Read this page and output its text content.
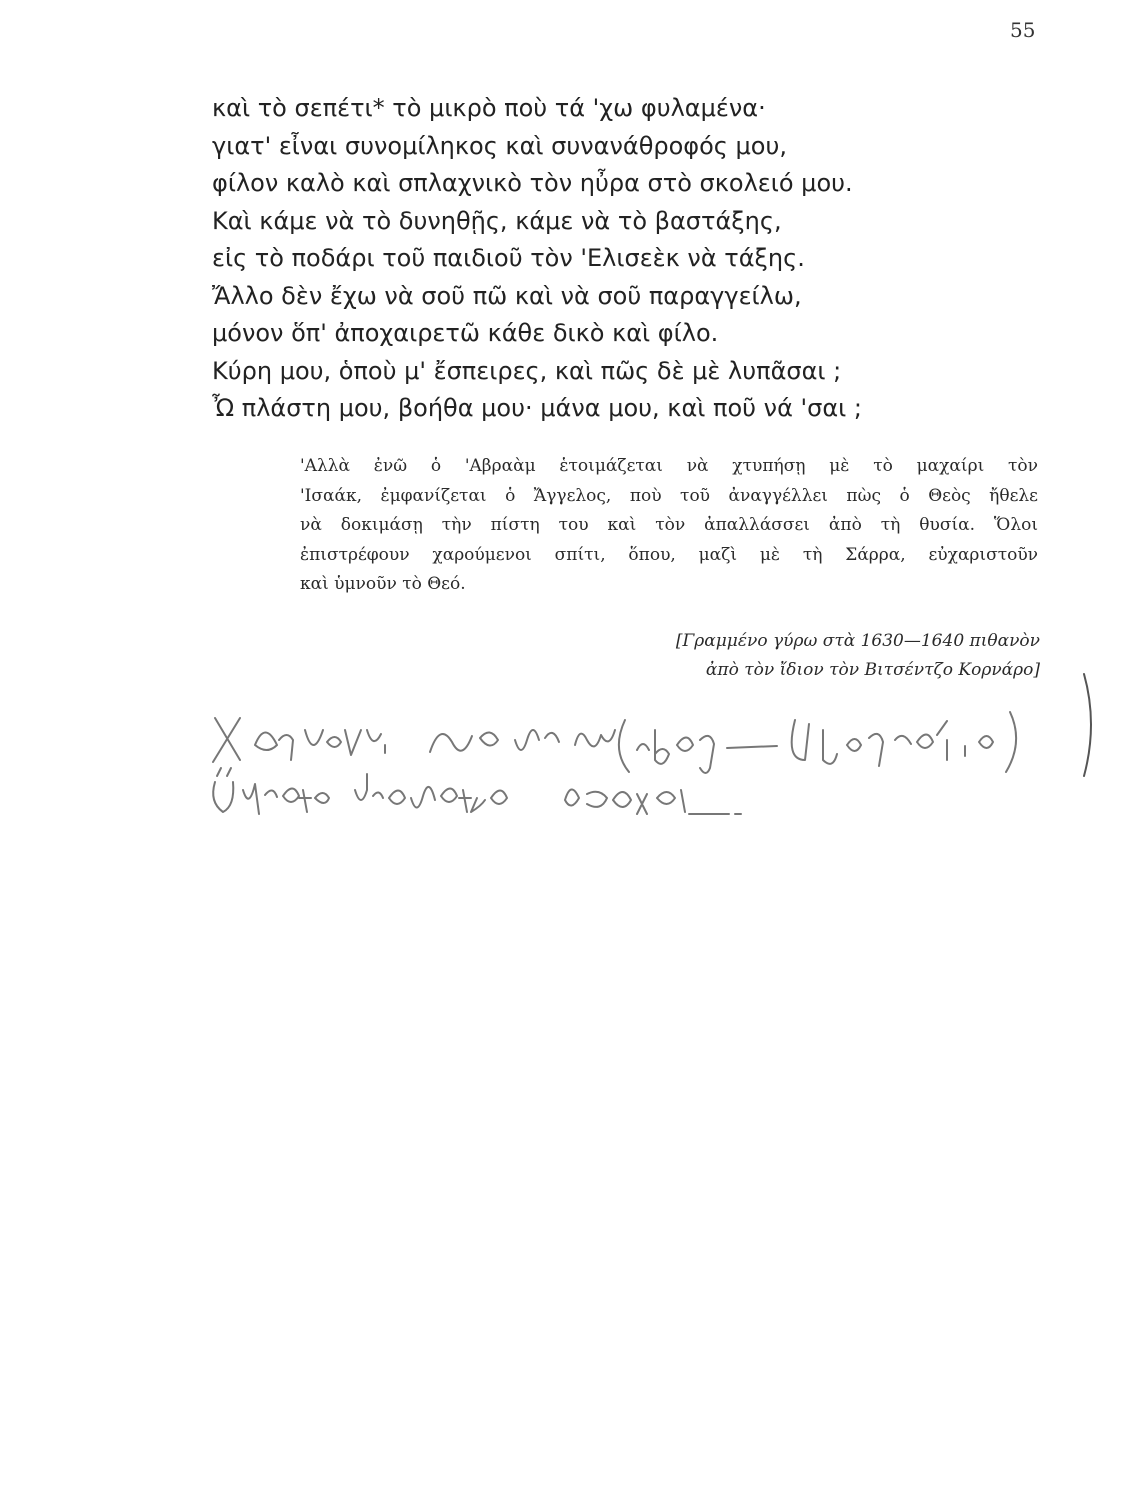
55
καὶ τὸ σεπέτι* τὸ μικρὸ ποὺ τά 'χω φυλαμένα·
γιατ' εἶναι συνομίληκος καὶ συνανάθροφός μου,
φίλον καλὸ καὶ σπλαχνικὸ τὸν ηὖρα στὸ σκολειό μου.
Καὶ κάμε νὰ τὸ δυνηθῇς, κάμε νὰ τὸ βαστάξης,
εἰς τὸ ποδάρι τοῦ παιδιοῦ τὸν 'Ελισεὲκ νὰ τάξης.
Ἄλλο δὲν ἔχω νὰ σοῦ πῶ καὶ νὰ σοῦ παραγγείλω,
μόνον ὅπ' ἀποχαιρετῶ κάθε δικὸ καὶ φίλο.
Κύρη μου, ὁποὺ μ' ἔσπειρες, καὶ πῶς δὲ μὲ λυπᾶσαι ;
Ὦ πλάστη μου, βοήθα μου· μάνα μου, καὶ ποῦ νά 'σαι ;
'Αλλὰ ἐνῶ ὁ 'Αβραὰμ ἑτοιμάζεται νὰ χτυπήσῃ μὲ τὸ μαχαίρι τὸν
'Ισαάκ, ἐμφανίζεται ὁ Ἄγγελος, ποὺ τοῦ ἀναγγέλλει πὼς ὁ Θεὸς ἤθελε
νὰ δοκιμάσῃ τὴν πίστη του καὶ τὸν ἀπαλλάσσει ἀπὸ τὴ θυσία. Ὅλοι
ἐπιστρέφουν χαρούμενοι σπίτι, ὅπου, μαζὶ μὲ τὴ Σάρρα, εὐχαριστοῦν
καὶ ὑμνοῦν τὸ Θεό.
[Γραμμένο γύρω στὰ 1630—1640 πιθανὸν
ἀπὸ τὸν ἴδιον τὸν Βιτσέντζο Κορνάρο]
